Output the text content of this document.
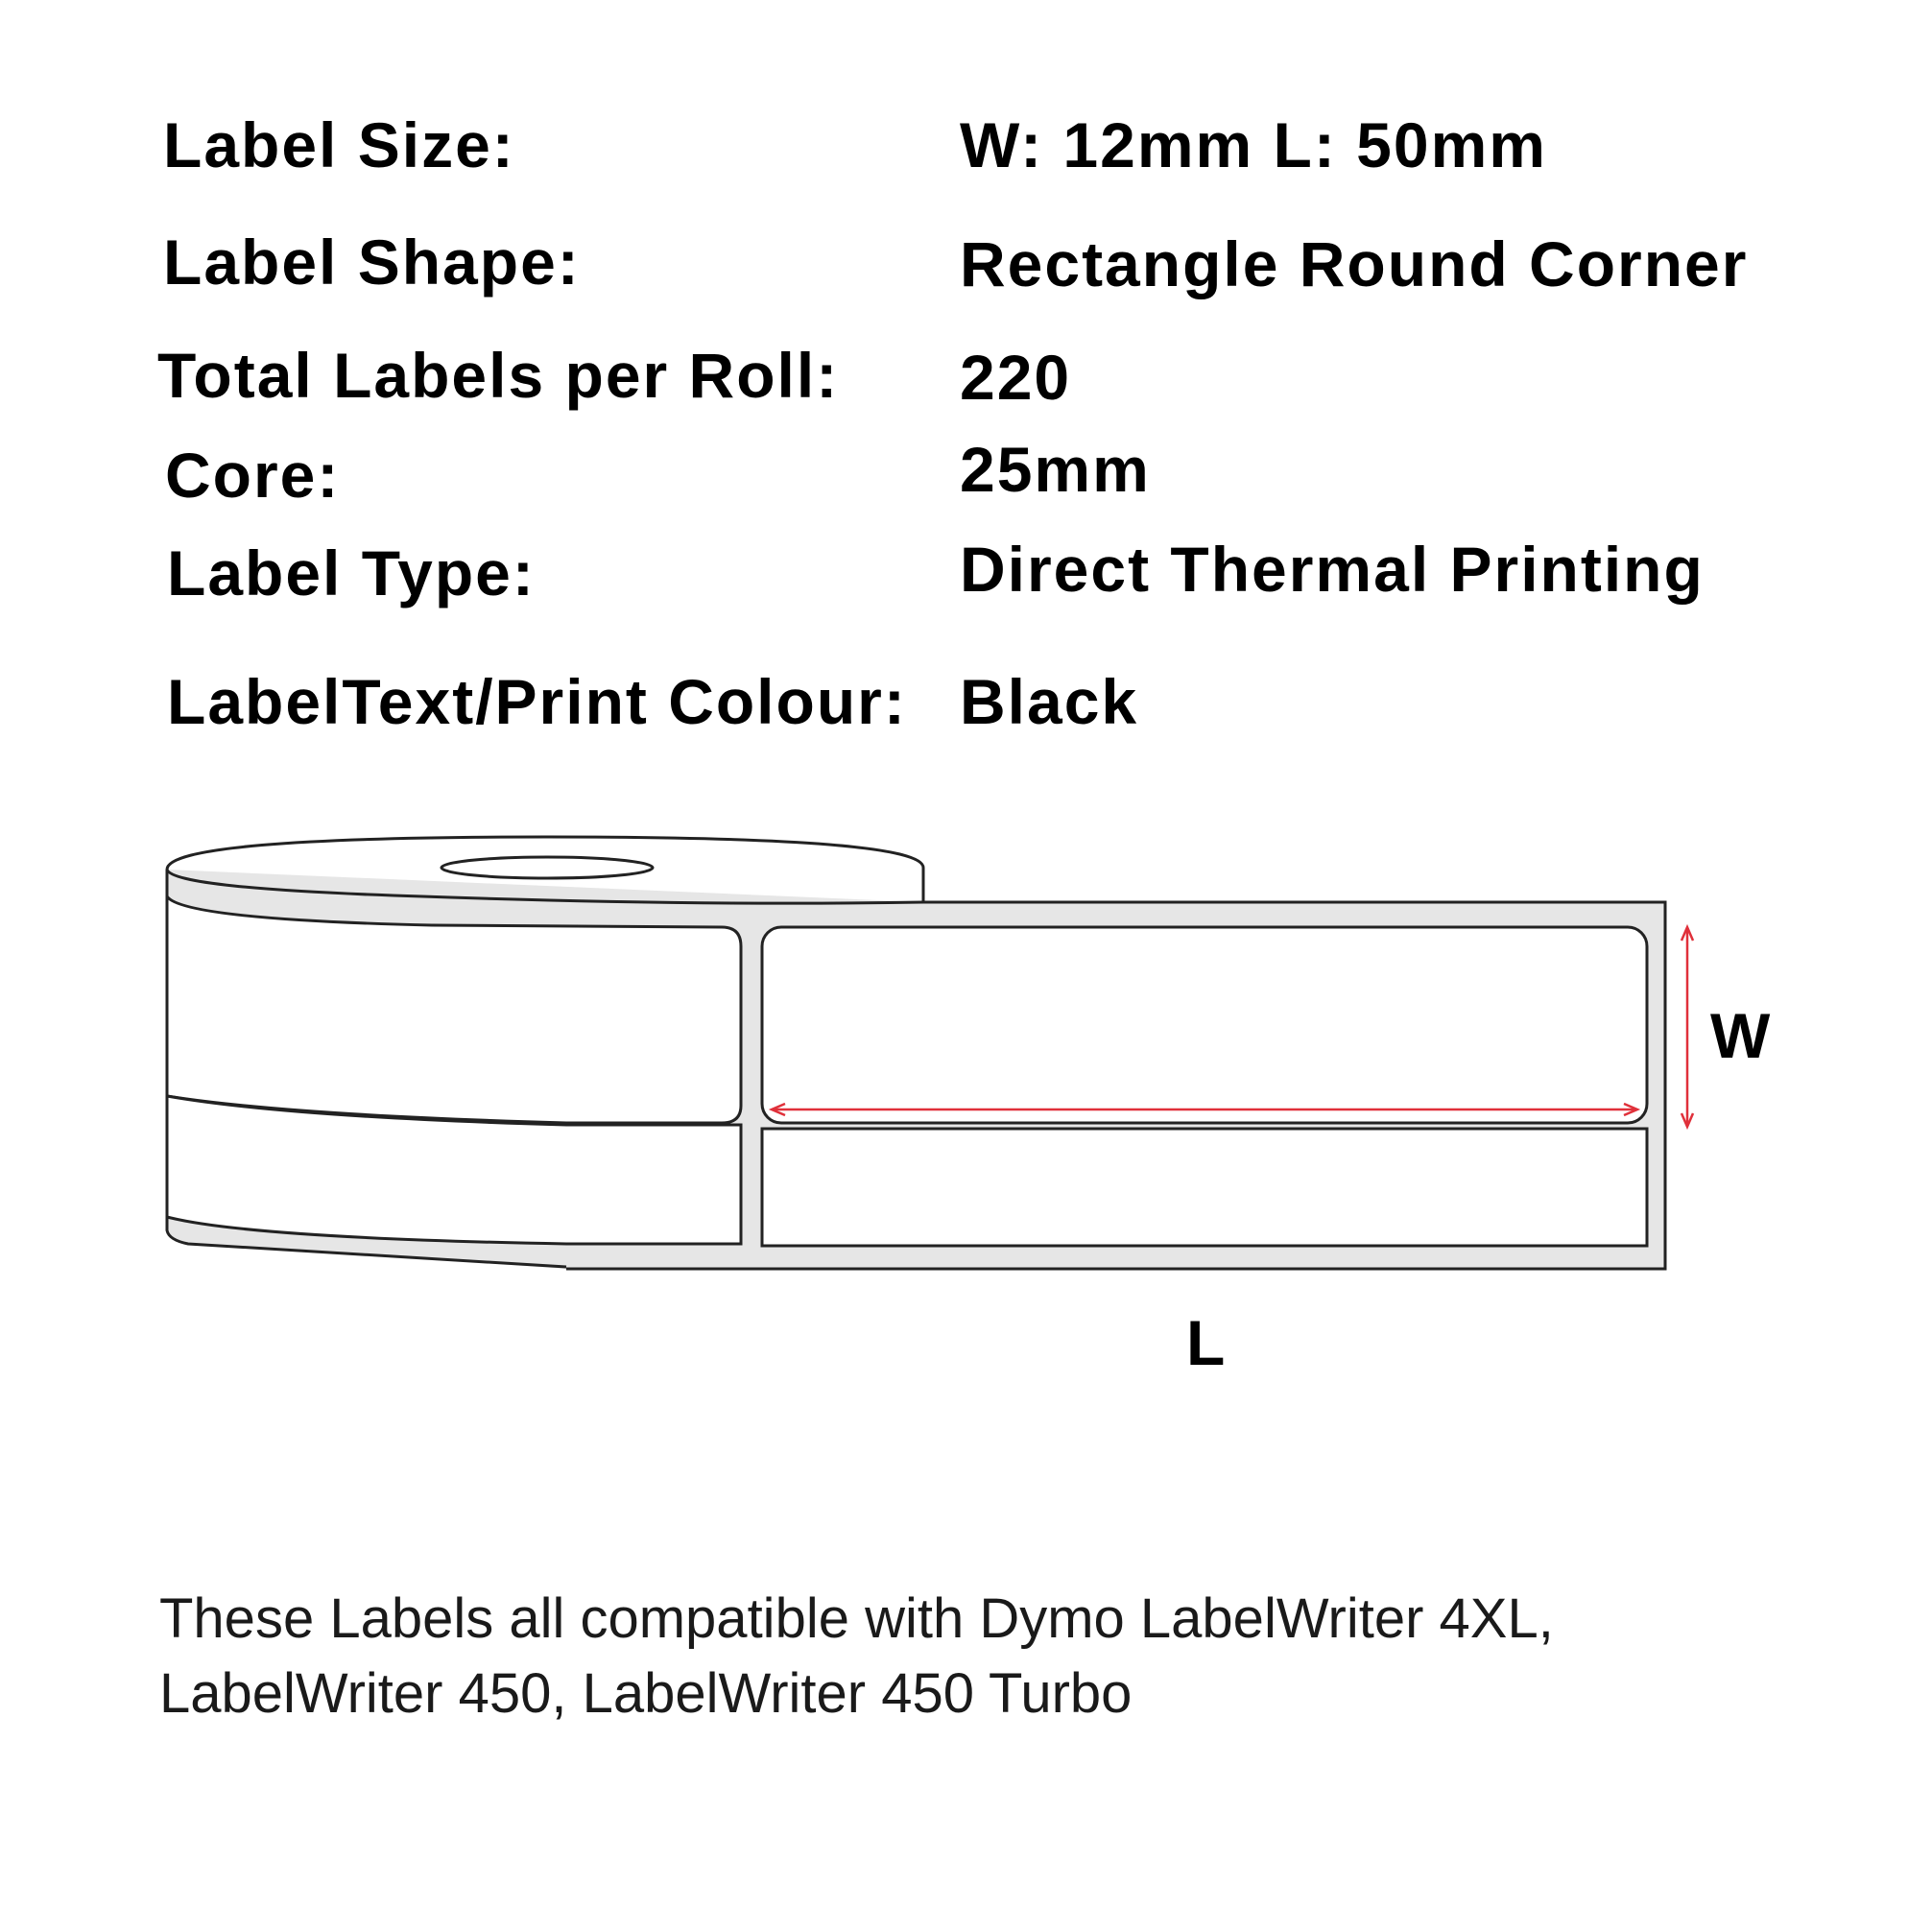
Label Size:	W: 12mm L: 50mm
Label Shape:	Rectangle Round Corner
Total Labels per Roll: 220
Core:	25mm
Label Type:	Direct Thermal Printing
LabelText/Print Colour: Black
W
L
These Labels all compatible with Dymo LabelWriter 4XL,
LabelWriter 450, LabelWriter 450 Turbo
